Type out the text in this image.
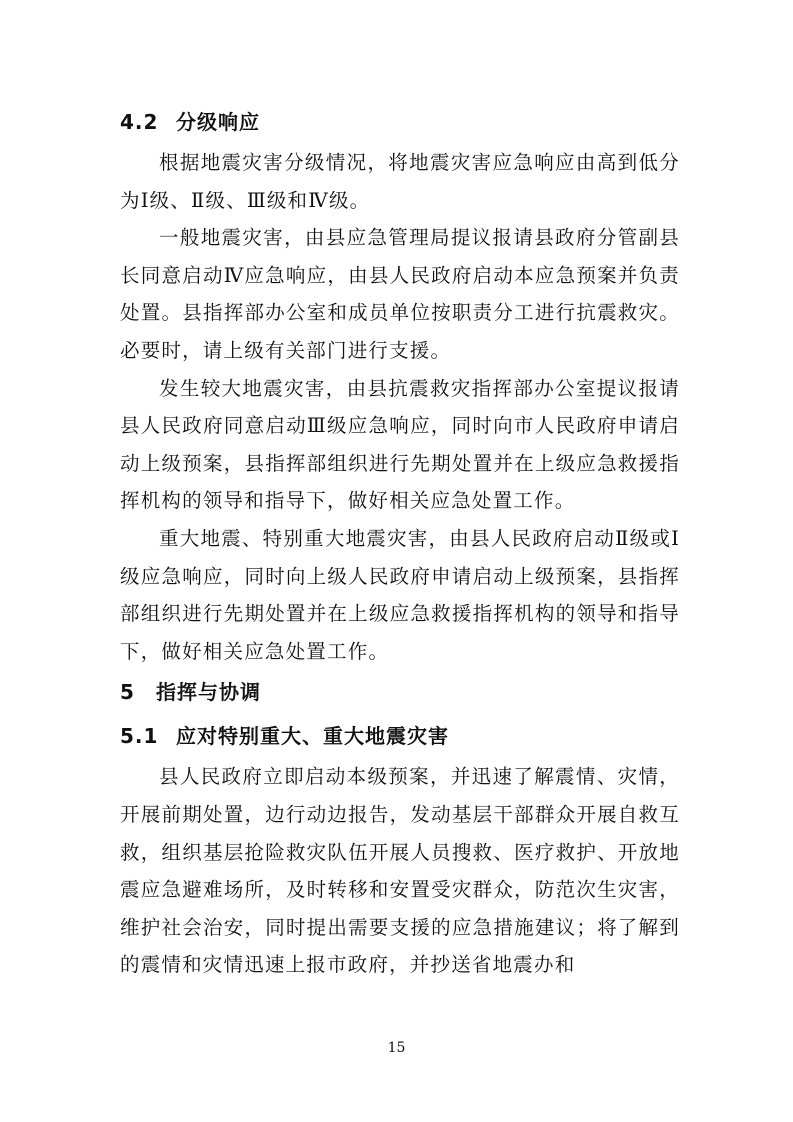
4.2 分级响应

根据地震灾害分级情况，将地震灾害应急响应由高到低分为Ⅰ级、Ⅱ级、Ⅲ级和Ⅳ级。

一般地震灾害，由县应急管理局提议报请县政府分管副县长同意启动Ⅳ应急响应，由县人民政府启动本应急预案并负责处置。县指挥部办公室和成员单位按职责分工进行抗震救灾。必要时，请上级有关部门进行支援。

发生较大地震灾害，由县抗震救灾指挥部办公室提议报请县人民政府同意启动Ⅲ级应急响应，同时向市人民政府申请启动上级预案，县指挥部组织进行先期处置并在上级应急救援指挥机构的领导和指导下，做好相关应急处置工作。

重大地震、特别重大地震灾害，由县人民政府启动Ⅱ级或Ⅰ级应急响应，同时向上级人民政府申请启动上级预案，县指挥部组织进行先期处置并在上级应急救援指挥机构的领导和指导下，做好相关应急处置工作。

5 指挥与协调
5.1 应对特别重大、重大地震灾害

县人民政府立即启动本级预案，并迅速了解震情、灾情，开展前期处置，边行动边报告，发动基层干部群众开展自救互救，组织基层抢险救灾队伍开展人员搜救、医疗救护、开放地震应急避难场所，及时转移和安置受灾群众，防范次生灾害，维护社会治安，同时提出需要支援的应急措施建议；将了解到的震情和灾情迅速上报市政府，并抄送省地震办和

15
